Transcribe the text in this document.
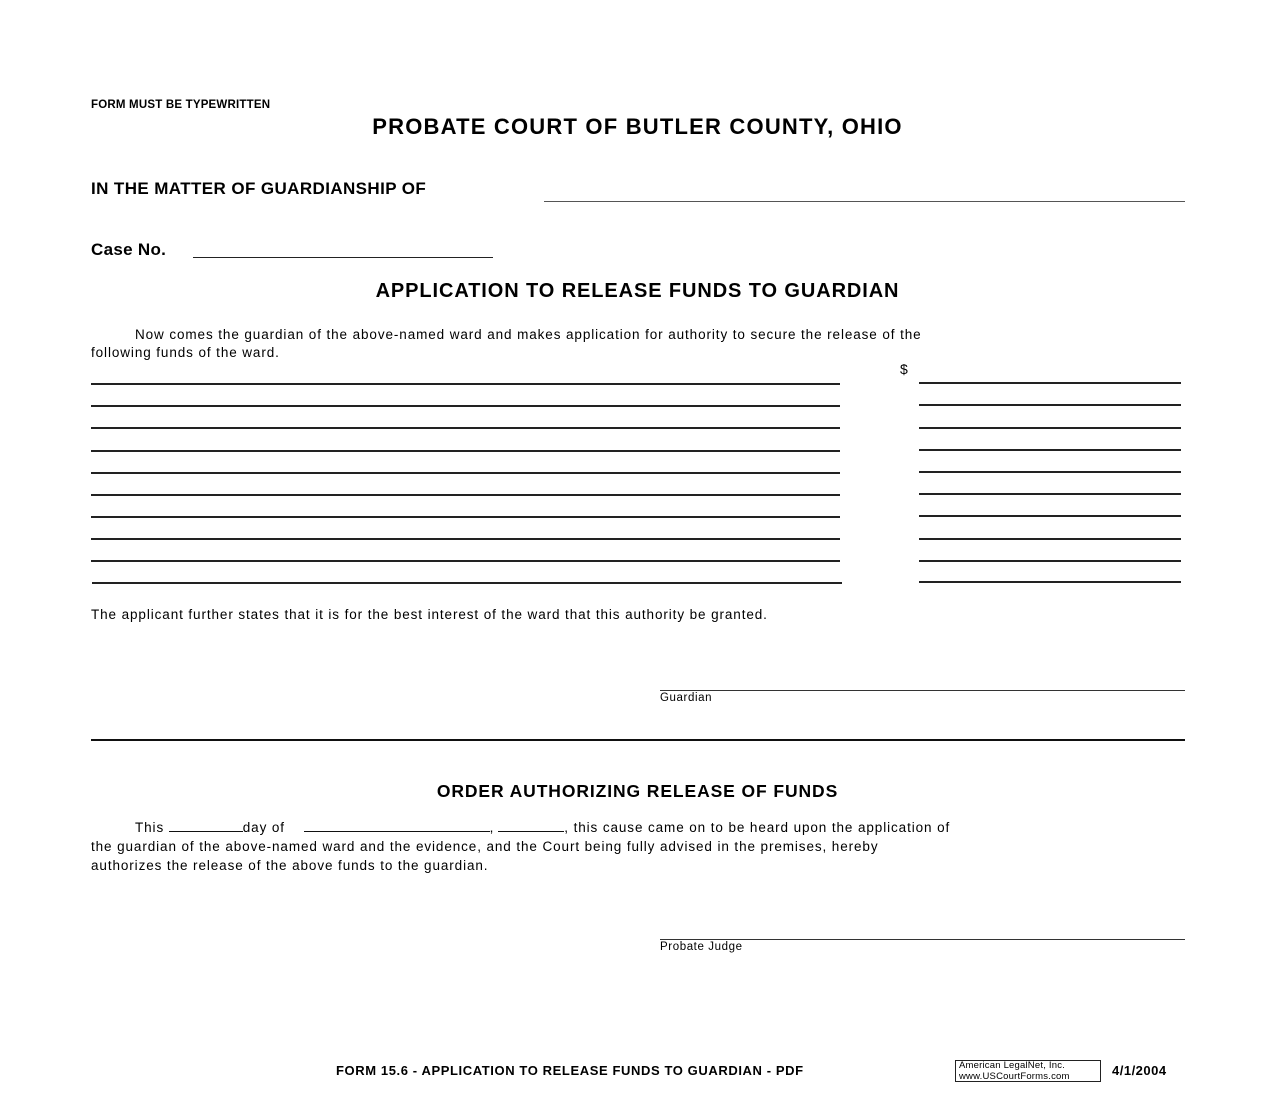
FORM MUST BE TYPEWRITTEN
PROBATE COURT OF BUTLER COUNTY, OHIO
IN THE MATTER OF GUARDIANSHIP OF
Case No.
APPLICATION TO RELEASE FUNDS TO GUARDIAN
Now comes the guardian of the above-named ward and makes application for authority to secure the release of the
following funds of the ward.
$
The applicant further states that it is for the best interest of the ward that this authority be granted.
Guardian
ORDER AUTHORIZING RELEASE OF FUNDS
This	day of	,	, this cause came on to be heard upon the application of
the guardian of the above-named ward and the evidence, and the Court being fully advised in the premises, hereby
authorizes the release of the above funds to the guardian.
Probate Judge
FORM 15.6 - APPLICATION TO RELEASE FUNDS TO GUARDIAN - PDF	American LegalNet, Inc.
www.USCourtForms.com	4/1/2004
